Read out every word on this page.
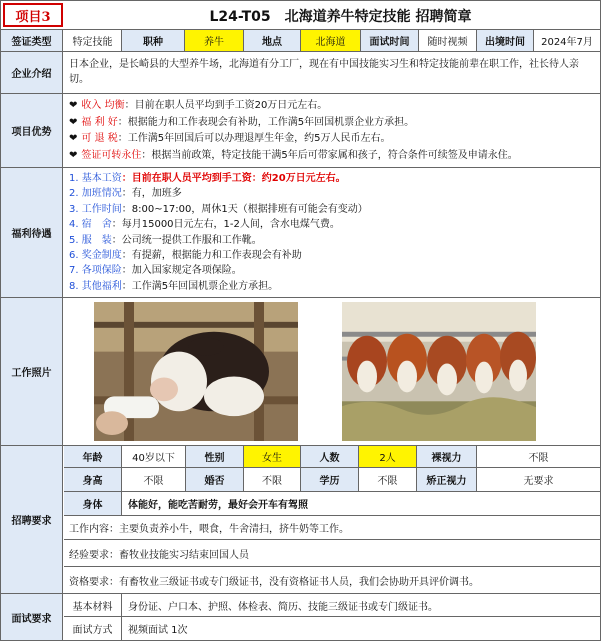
项目3	L24-T05　北海道养牛特定技能 招聘简章
签证类型	特定技能	职种	养牛	地点	北海道	面试时间	随时视频	出境时间	2024年7月
企业介绍
日本企业，是长崎县的大型养牛场，北海道有分工厂，现在有中国技能实习生和特定技能前辈在职工作，社长待人亲切。
项目优势
❤ 收入 均衡：目前在职人员平均到手工资20万日元左右。
❤ 福 利 好：根据能力和工作表现会有补助，工作满5年回国机票企业方承担。
❤ 可 退 税：工作满5年回国后可以办理退厚生年金，约5万人民币左右。
❤ 签证可转永住：根据当前政策，特定技能干满5年后可带家属和孩子，符合条件可续签及申请永住。
福利待遇
1. 基本工资：目前在职人员平均到手工资：约20万日元左右。
2. 加班情况：有，加班多
3. 工作时间：8:00~17:00，周休1天（根据排班有可能会有变动）
4. 宿　舍：每月15000日元左右，1-2人间，含水电煤气费。
5. 服　装：公司统一提供工作服和工作靴。
6. 奖金制度：有提薪，根据能力和工作表现会有补助
7. 各项保险：加入国家规定各项保险。
8. 其他福利：工作满5年回国机票企业方承担。
工作照片
招聘要求
年龄	40岁以下	性别	女生	人数	2人	裸视力	不限
身高	不限	婚否	不限	学历	不限	矫正视力	无要求
身体	体能好，能吃苦耐劳，最好会开车有驾照
工作内容：主要负责养小牛，喂食，牛舍清扫，挤牛奶等工作。
经验要求：畜牧业技能实习结束回国人员
资格要求：有畜牧业三级证书或专门级证书，没有资格证书人员，我们会协助开具评价调书。
面试要求
基本材料	身份证、户口本、护照、体检表、简历、技能三级证书或专门级证书。
面试方式	视频面试 1次
